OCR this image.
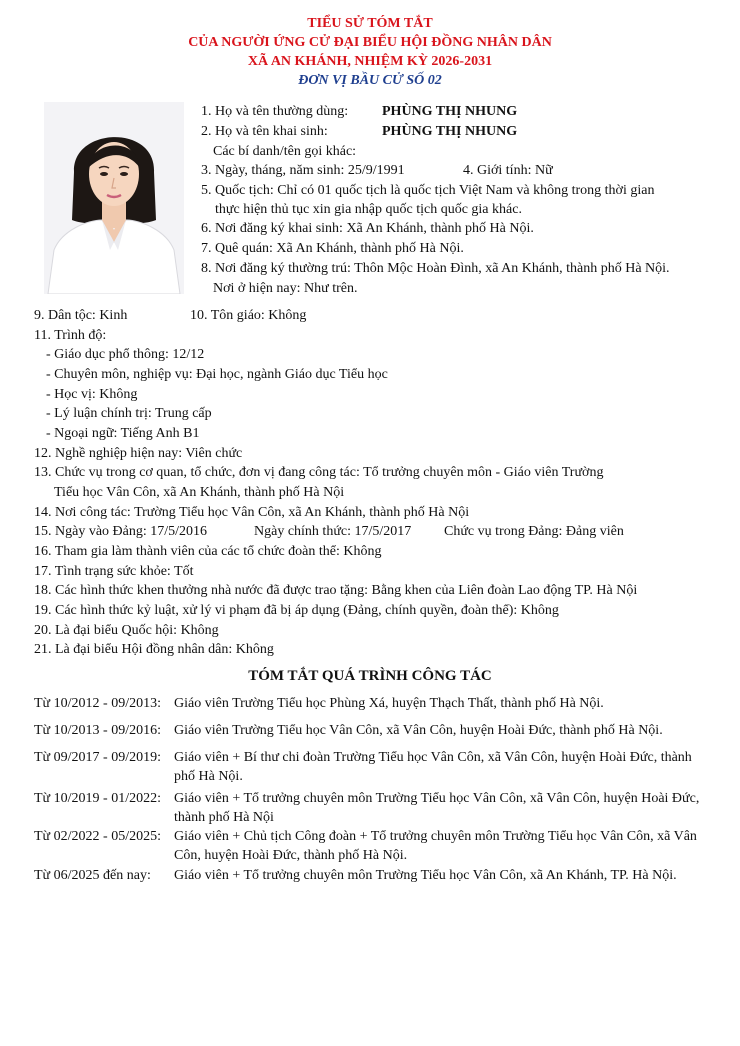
TIỂU SỬ TÓM TẮT
CỦA NGƯỜI ỨNG CỬ ĐẠI BIỂU HỘI ĐỒNG NHÂN DÂN
XÃ AN KHÁNH, NHIỆM KỲ 2026-2031
ĐƠN VỊ BẦU CỬ SỐ 02
1. Họ và tên thường dùng: PHÙNG THỊ NHUNG
2. Họ và tên khai sinh:	PHÙNG THỊ NHUNG
Các bí danh/tên gọi khác:
3. Ngày, tháng, năm sinh: 25/9/1991	4. Giới tính: Nữ
5. Quốc tịch: Chỉ có 01 quốc tịch là quốc tịch Việt Nam và không trong thời gian
thực hiện thủ tục xin gia nhập quốc tịch quốc gia khác.
6. Nơi đăng ký khai sinh: Xã An Khánh, thành phố Hà Nội.
7. Quê quán: Xã An Khánh, thành phố Hà Nội.
8. Nơi đăng ký thường trú: Thôn Mộc Hoàn Đình, xã An Khánh, thành phố Hà Nội.
Nơi ở hiện nay: Như trên.
9. Dân tộc: Kinh	10. Tôn giáo: Không
11. Trình độ:
- Giáo dục phổ thông: 12/12
- Chuyên môn, nghiệp vụ: Đại học, ngành Giáo dục Tiểu học
- Học vị: Không
- Lý luận chính trị: Trung cấp
- Ngoại ngữ: Tiếng Anh B1
12. Nghề nghiệp hiện nay: Viên chức
13. Chức vụ trong cơ quan, tổ chức, đơn vị đang công tác: Tổ trưởng chuyên môn - Giáo viên Trường
Tiểu học Vân Côn, xã An Khánh, thành phố Hà Nội
14. Nơi công tác: Trường Tiểu học Vân Côn, xã An Khánh, thành phố Hà Nội
15. Ngày vào Đảng: 17/5/2016	Ngày chính thức: 17/5/2017 Chức vụ trong Đảng: Đảng viên
16. Tham gia làm thành viên của các tổ chức đoàn thể: Không
17. Tình trạng sức khỏe: Tốt
18. Các hình thức khen thưởng nhà nước đã được trao tặng: Bằng khen của Liên đoàn Lao động TP. Hà Nội
19. Các hình thức kỷ luật, xử lý vi phạm đã bị áp dụng (Đảng, chính quyền, đoàn thể): Không
20. Là đại biểu Quốc hội: Không
21. Là đại biểu Hội đồng nhân dân: Không
TÓM TẮT QUÁ TRÌNH CÔNG TÁC
Từ 10/2012 - 09/2013: Giáo viên Trường Tiểu học Phùng Xá, huyện Thạch Thất, thành phố Hà Nội.
Từ 10/2013 - 09/2016: Giáo viên Trường Tiểu học Vân Côn, xã Vân Côn, huyện Hoài Đức, thành phố Hà Nội.
Từ 09/2017 - 09/2019: Giáo viên + Bí thư chi đoàn Trường Tiểu học Vân Côn, xã Vân Côn, huyện Hoài Đức, thành
phố Hà Nội.
Từ 10/2019 - 01/2022: Giáo viên + Tổ trưởng chuyên môn Trường Tiểu học Vân Côn, xã Vân Côn, huyện Hoài Đức,
thành phố Hà Nội
Từ 02/2022 - 05/2025: Giáo viên + Chủ tịch Công đoàn + Tổ trưởng chuyên môn Trường Tiểu học Vân Côn, xã Vân
Côn, huyện Hoài Đức, thành phố Hà Nội.
Từ 06/2025 đến nay: Giáo viên + Tổ trưởng chuyên môn Trường Tiểu học Vân Côn, xã An Khánh, TP. Hà Nội.
